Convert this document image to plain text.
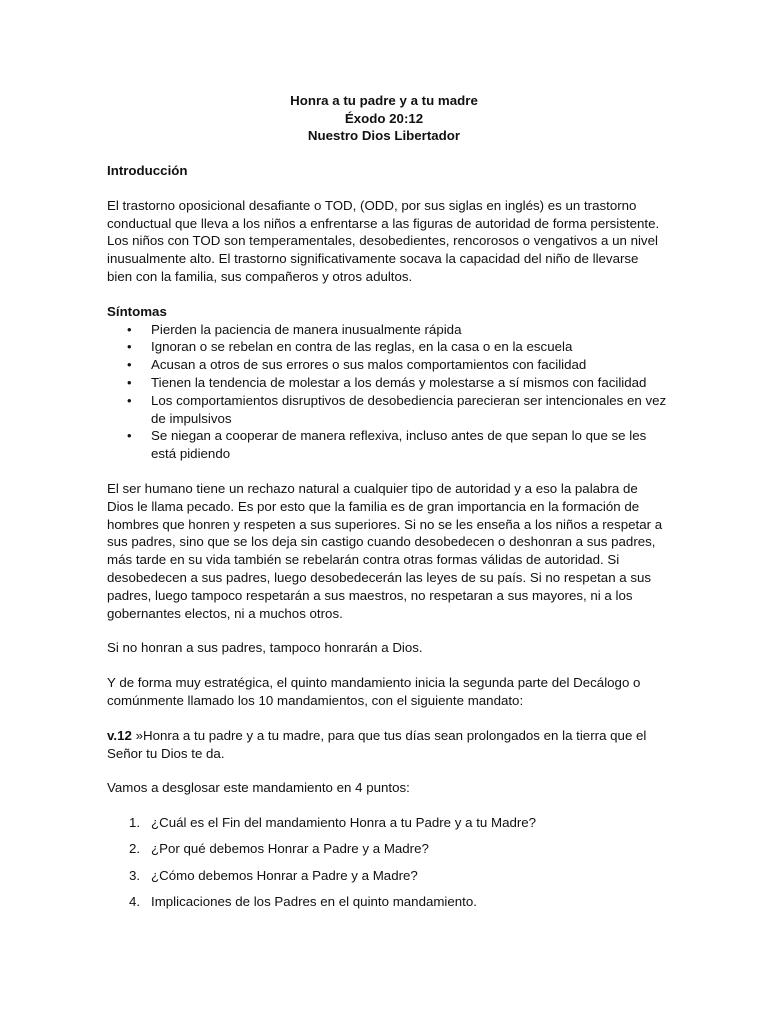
Honra a tu padre y a tu madre
Éxodo 20:12
Nuestro Dios Libertador

Introducción

El trastorno oposicional desafiante o TOD, (ODD, por sus siglas en inglés) es un trastorno conductual que lleva a los niños a enfrentarse a las figuras de autoridad de forma persistente. Los niños con TOD son temperamentales, desobedientes, rencorosos o vengativos a un nivel inusualmente alto. El trastorno significativamente socava la capacidad del niño de llevarse bien con la familia, sus compañeros y otros adultos.

Síntomas

• Pierden la paciencia de manera inusualmente rápida
• Ignoran o se rebelan en contra de las reglas, en la casa o en la escuela
• Acusan a otros de sus errores o sus malos comportamientos con facilidad
• Tienen la tendencia de molestar a los demás y molestarse a sí mismos con facilidad
• Los comportamientos disruptivos de desobediencia parecieran ser intencionales en vez de impulsivos
• Se niegan a cooperar de manera reflexiva, incluso antes de que sepan lo que se les está pidiendo

El ser humano tiene un rechazo natural a cualquier tipo de autoridad y a eso la palabra de Dios le llama pecado. Es por esto que la familia es de gran importancia en la formación de hombres que honren y respeten a sus superiores. Si no se les enseña a los niños a respetar a sus padres, sino que se los deja sin castigo cuando desobedecen o deshonran a sus padres, más tarde en su vida también se rebelarán contra otras formas válidas de autoridad. Si desobedecen a sus padres, luego desobedecerán las leyes de su país. Si no respetan a sus padres, luego tampoco respetarán a sus maestros, no respetaran a sus mayores, ni a los gobernantes electos, ni a muchos otros.

Si no honran a sus padres, tampoco honrarán a Dios.

Y de forma muy estratégica, el quinto mandamiento inicia la segunda parte del Decálogo o comúnmente llamado los 10 mandamientos, con el siguiente mandato:

v.12 »Honra a tu padre y a tu madre, para que tus días sean prolongados en la tierra que el Señor tu Dios te da.

Vamos a desglosar este mandamiento en 4 puntos:

1. ¿Cuál es el Fin del mandamiento Honra a tu Padre y a tu Madre?
2. ¿Por qué debemos Honrar a Padre y a Madre?
3. ¿Cómo debemos Honrar a Padre y a Madre?
4. Implicaciones de los Padres en el quinto mandamiento.
